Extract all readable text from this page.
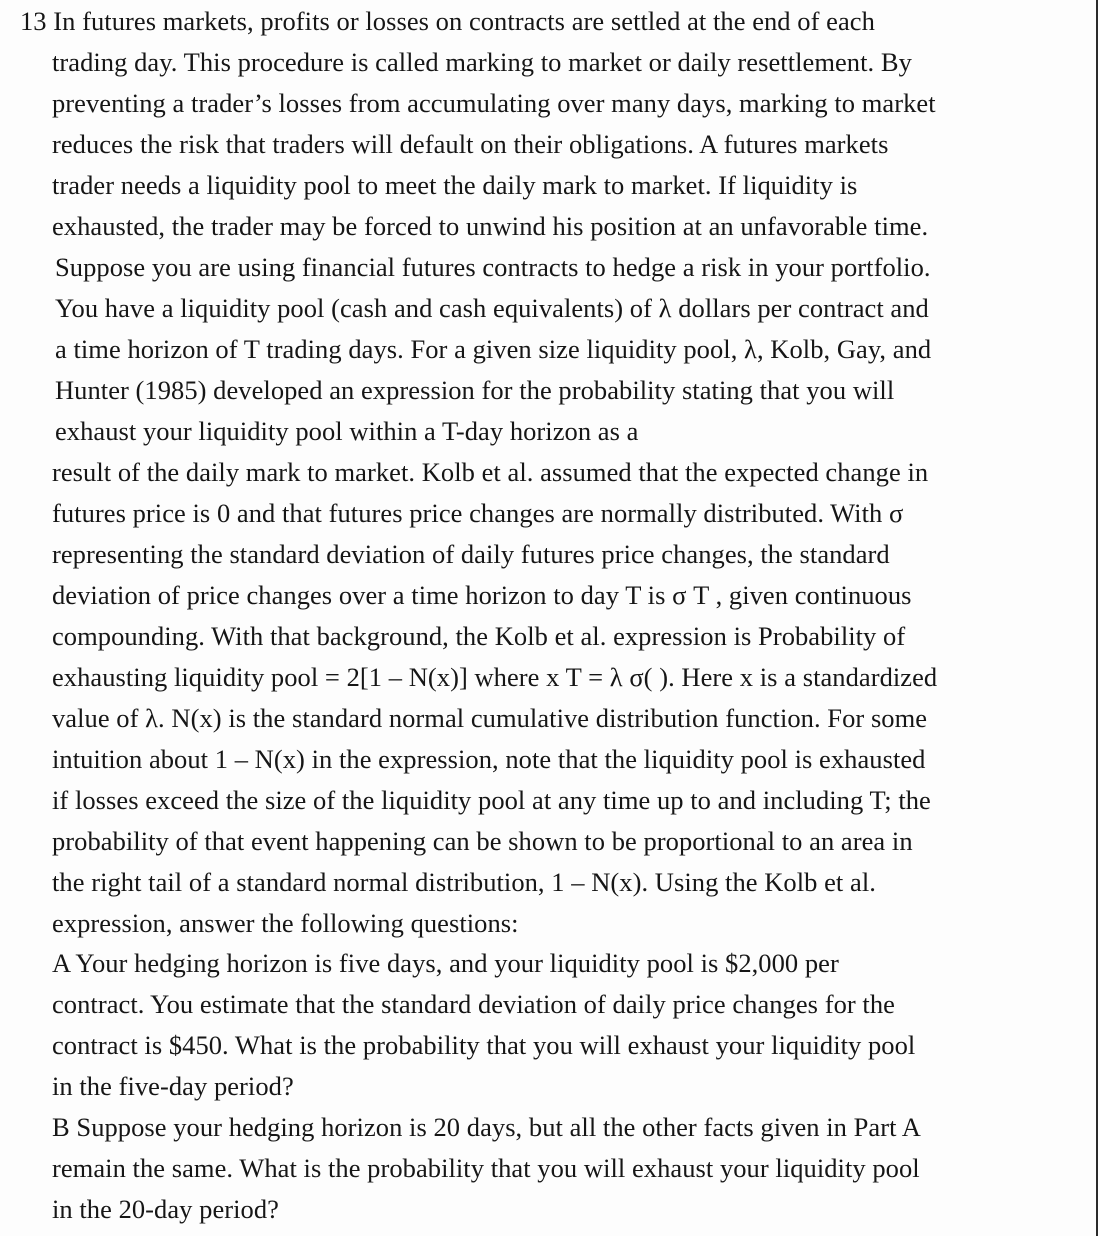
13 In futures markets, profits or losses on contracts are settled at the end of each
trading day. This procedure is called marking to market or daily resettlement. By
preventing a trader’s losses from accumulating over many days, marking to market
reduces the risk that traders will default on their obligations. A futures markets
trader needs a liquidity pool to meet the daily mark to market. If liquidity is
exhausted, the trader may be forced to unwind his position at an unfavorable time.
Suppose you are using financial futures contracts to hedge a risk in your portfolio.
You have a liquidity pool (cash and cash equivalents) of λ dollars per contract and
a time horizon of T trading days. For a given size liquidity pool, λ, Kolb, Gay, and
Hunter (1985) developed an expression for the probability stating that you will
exhaust your liquidity pool within a T-day horizon as a
result of the daily mark to market. Kolb et al. assumed that the expected change in
futures price is 0 and that futures price changes are normally distributed. With σ
representing the standard deviation of daily futures price changes, the standard
deviation of price changes over a time horizon to day T is σ T , given continuous
compounding. With that background, the Kolb et al. expression is Probability of
exhausting liquidity pool = 2[1 – N(x)] where x T = λ σ( ). Here x is a standardized
value of λ. N(x) is the standard normal cumulative distribution function. For some
intuition about 1 – N(x) in the expression, note that the liquidity pool is exhausted
if losses exceed the size of the liquidity pool at any time up to and including T; the
probability of that event happening can be shown to be proportional to an area in
the right tail of a standard normal distribution, 1 – N(x). Using the Kolb et al.
expression, answer the following questions:
A Your hedging horizon is five days, and your liquidity pool is $2,000 per
contract. You estimate that the standard deviation of daily price changes for the
contract is $450. What is the probability that you will exhaust your liquidity pool
in the five-day period?
B Suppose your hedging horizon is 20 days, but all the other facts given in Part A
remain the same. What is the probability that you will exhaust your liquidity pool
in the 20-day period?
